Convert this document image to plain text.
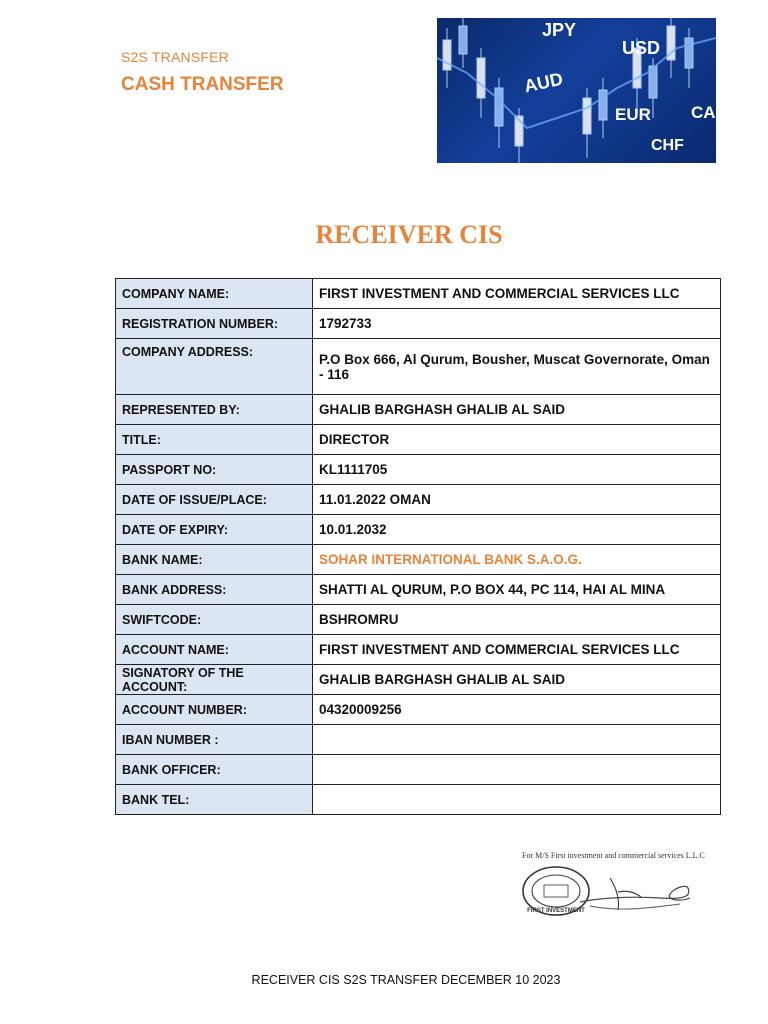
S2S TRANSFER
CASH TRANSFER
JPY
USD
AUD
EUR
CHF
CA
RECEIVER CIS
COMPANY NAME:	FIRST INVESTMENT AND COMMERCIAL SERVICES LLC
REGISTRATION NUMBER:	1792733
COMPANY ADDRESS:	P.O Box 666, Al Qurum, Bousher, Muscat Governorate, Oman - 116
REPRESENTED BY:	GHALIB BARGHASH GHALIB AL SAID
TITLE:	DIRECTOR
PASSPORT NO:	KL1111705
DATE OF ISSUE/PLACE:	11.01.2022 OMAN
DATE OF EXPIRY:	10.01.2032
BANK NAME:	SOHAR INTERNATIONAL BANK S.A.O.G.
BANK ADDRESS:	SHATTI AL QURUM, P.O BOX 44, PC 114, HAI AL MINA
SWIFTCODE:	BSHROMRU
ACCOUNT NAME:	FIRST INVESTMENT AND COMMERCIAL SERVICES LLC
SIGNATORY OF THE ACCOUNT:	GHALIB BARGHASH GHALIB AL SAID
ACCOUNT NUMBER:	04320009256
IBAN NUMBER :	
BANK OFFICER:	
BANK TEL:	
For M/S First investment and commercial services L.L.C
FIRST INVESTMENT
RECEIVER CIS S2S TRANSFER DECEMBER 10 2023
